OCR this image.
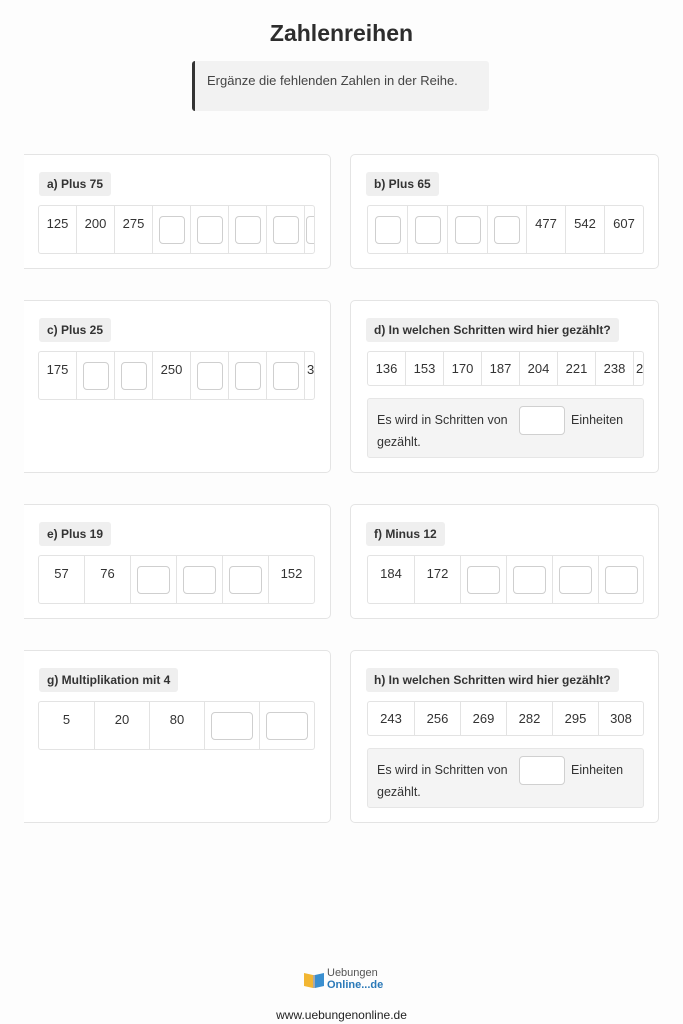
Zahlenreihen
Ergänze die fehlenden Zahlen in der Reihe.
a) Plus 75
125	200	275
b) Plus 65
477	542	607
c) Plus 25
175	250	3
d) In welchen Schritten wird hier gezählt?
136	153	170	187	204	221	238 2
Es wird in Schritten von	Einheiten
gezählt.
e) Plus 19
57	76	152
f) Minus 12
184	172
g) Multiplikation mit 4
5	20	80
h) In welchen Schritten wird hier gezählt?
243	256	269	282	295	308
Es wird in Schritten von	Einheiten
gezählt.
Uebungen
Online...de
www.uebungenonline.de
